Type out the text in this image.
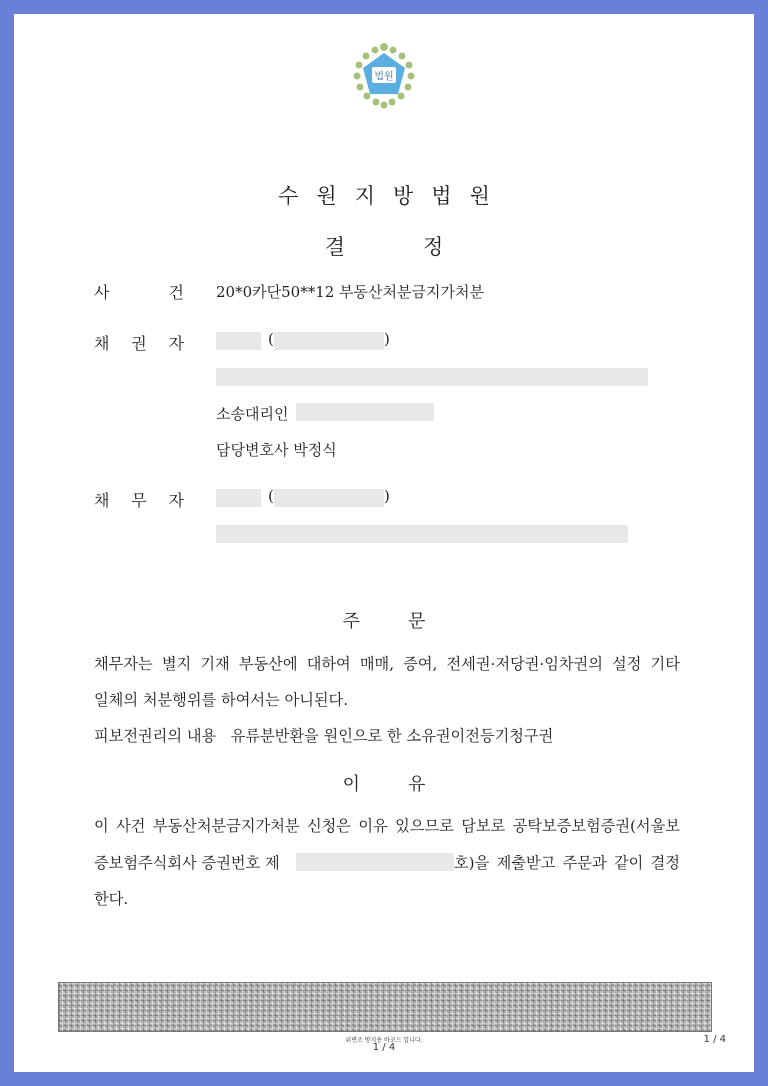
법원
수원지방법원
결	정
사	건 20*0카단50**12 부동산처분금지가처분
채 권 자	(	)
소송대리인
담당변호사 박정식
채 무 자	(	)
주	문
채무자는 별지 기재 부동산에 대하여 매매, 증여, 전세권·저당권·임차권의 설정 기타
일체의 처분행위를 하여서는 아니된다.
피보전권리의 내용   유류분반환을 원인으로 한 소유권이전등기청구권
이	유
이 사건 부동산처분금지가처분 신청은 이유 있으므로 담보로 공탁보증보험증권(서울보
증보험주식회사 증권번호 제	호)을 제출받고 주문과 같이 결정
한다.
위변조 방지용 바코드 입니다.
1 / 4
1 / 4
